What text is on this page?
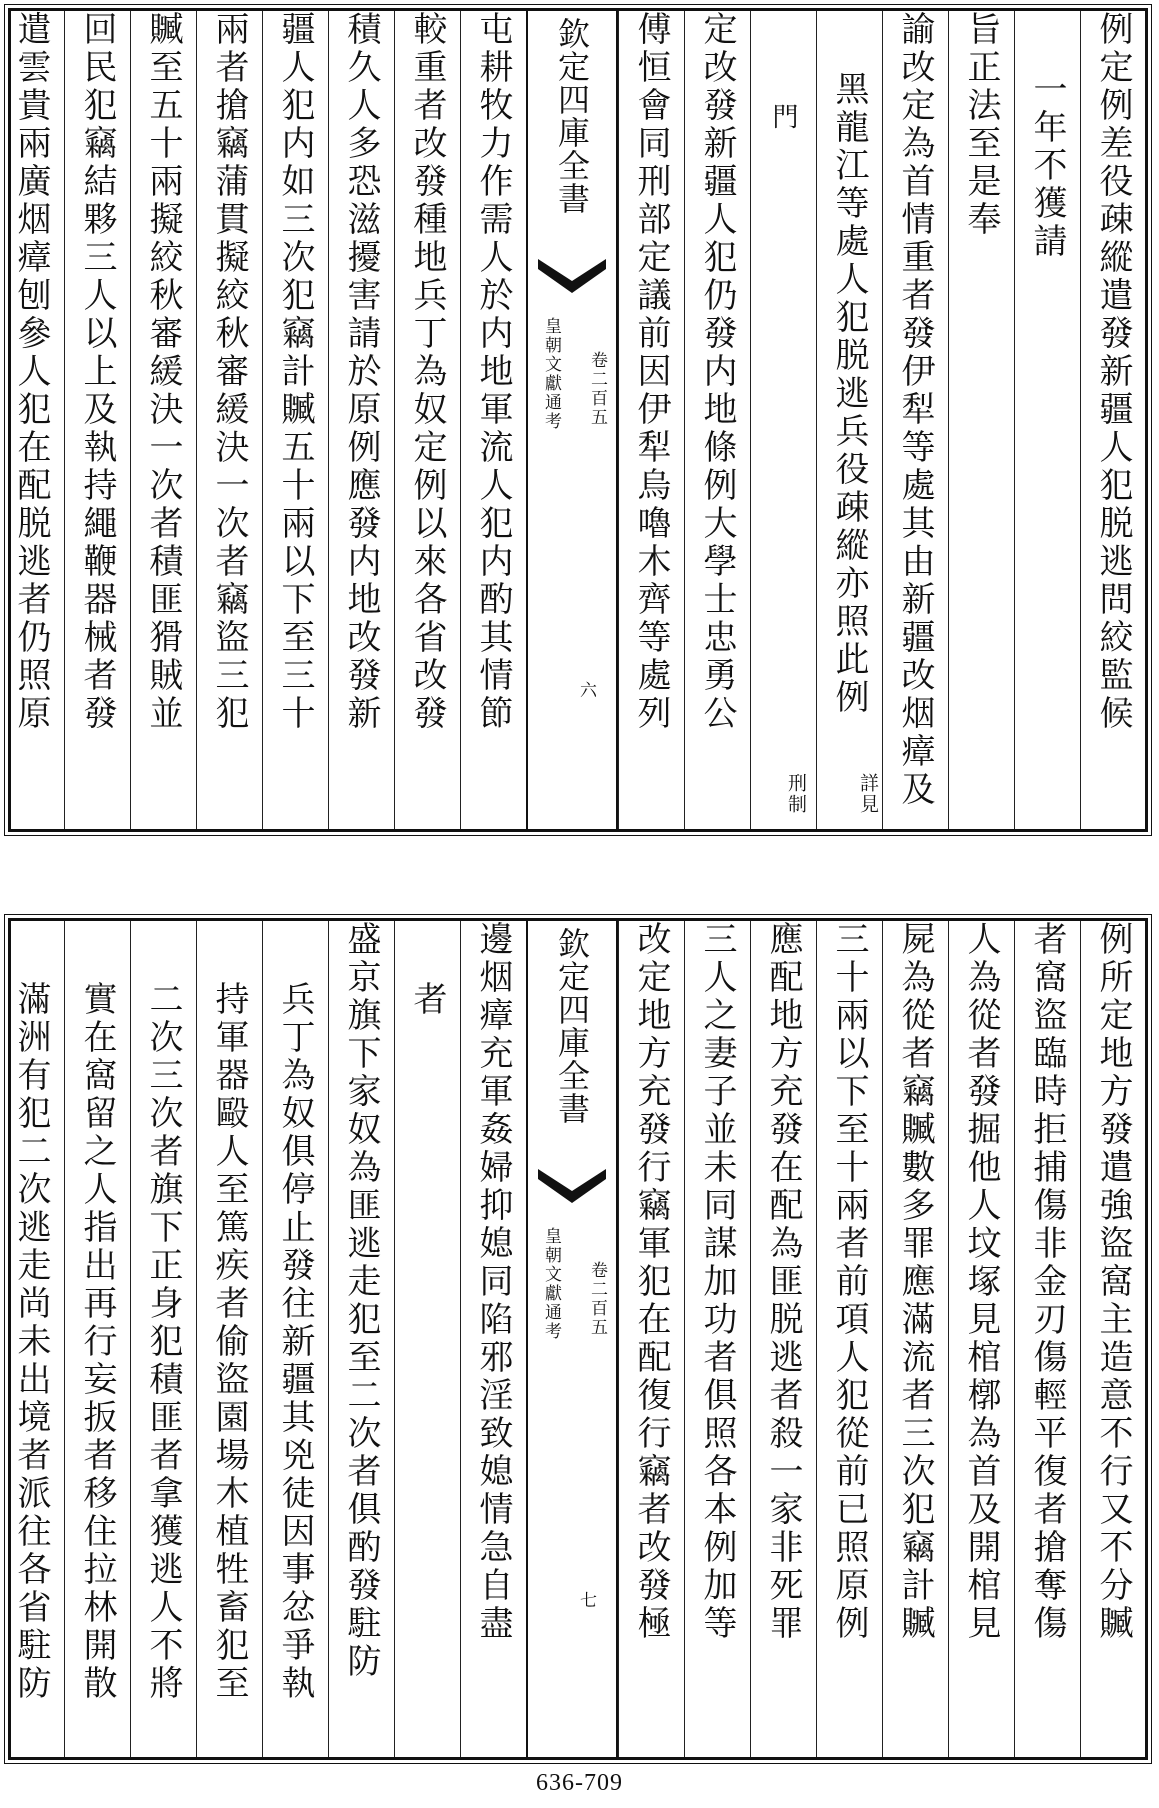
例定例差役疎縱遣發新疆人犯脱逃問絞監候
一年不獲請
旨正法至是奉
諭改定為首情重者發伊犁等處其由新疆改烟瘴及
黑龍江等處人犯脱逃兵役疎縱亦照此例
詳見
門
刑制
定改發新疆人犯仍發内地條例大學士忠勇公
傅恒會同刑部定議前因伊犁烏嚕木齊等處列
欽定四庫全書
皇朝文獻通考 卷二百五
六
屯耕牧力作需人於内地軍流人犯内酌其情節
較重者改發種地兵丁為奴定例以來各省改發
積久人多恐滋擾害請於原例應發内地改發新
疆人犯内如三次犯竊計贓五十兩以下至三十
兩者搶竊蒲貫擬絞秋審緩決一次者竊盜三犯
贓至五十兩擬絞秋審緩決一次者積匪猾賊並
回民犯竊結夥三人以上及執持繩鞭器械者發
遣雲貴兩廣烟瘴刨參人犯在配脱逃者仍照原
例所定地方發遣強盜窩主造意不行又不分贓
者窩盜臨時拒捕傷非金刃傷輕平復者搶奪傷
人為從者發掘他人坟塚見棺槨為首及開棺見
屍為從者竊贓數多罪應滿流者三次犯竊計贓
三十兩以下至十兩者前項人犯從前已照原例
應配地方充發在配為匪脱逃者殺一家非死罪
三人之妻子並未同謀加功者俱照各本例加等
改定地方充發行竊軍犯在配復行竊者改發極
欽定四庫全書
皇朝文獻通考 卷二百五
七
邊烟瘴充軍姦婦抑媳同陷邪淫致媳情急自盡
者
盛京旗下家奴為匪逃走犯至二次者俱酌發駐防
兵丁為奴俱停止發往新疆其兇徒因事忿爭執
持軍器毆人至篤疾者偷盜園場木植牲畜犯至
二次三次者旗下正身犯積匪者拿獲逃人不將
實在窩留之人指出再行妄扳者移住拉林開散
滿洲有犯二次逃走尚未出境者派往各省駐防
636-709
